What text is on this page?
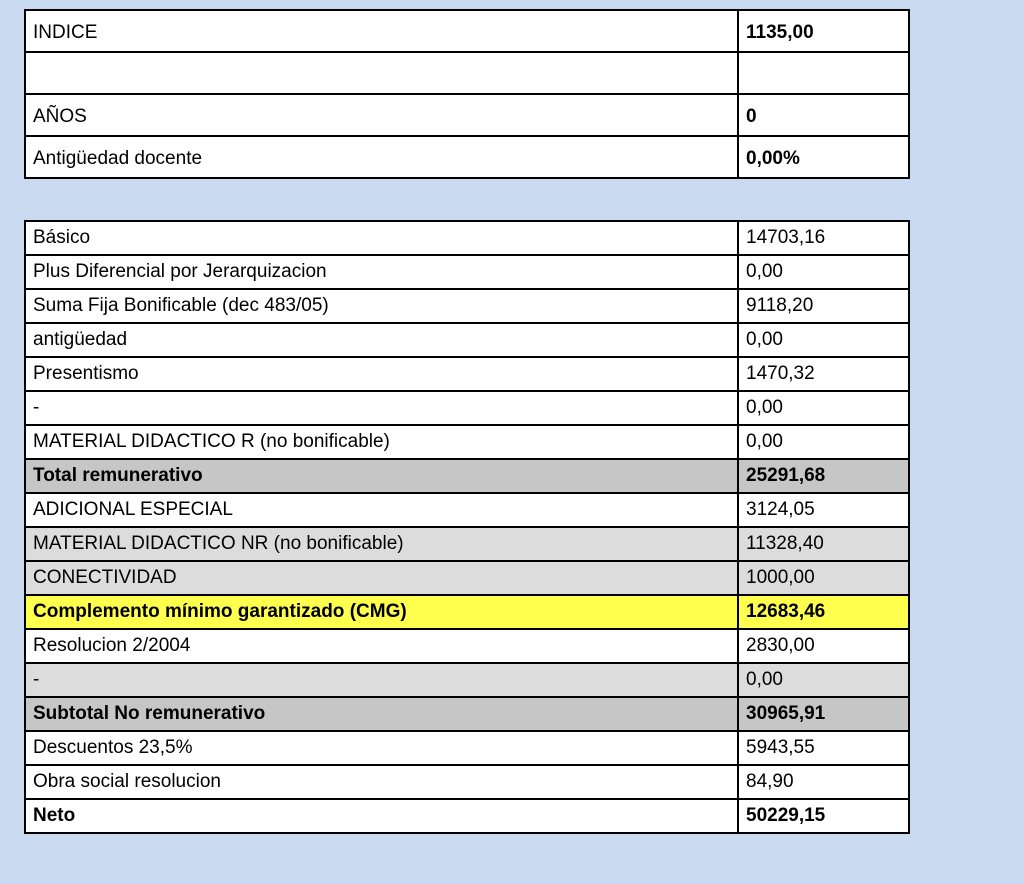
INDICE	1135,00

AÑOS	0
Antigüedad docente	0,00%
Básico	14703,16
Plus Diferencial por Jerarquizacion	0,00
Suma Fija Bonificable (dec 483/05)	9118,20
antigüedad	0,00
Presentismo	1470,32
-	0,00
MATERIAL DIDACTICO R (no bonificable)	0,00
Total remunerativo	25291,68
ADICIONAL ESPECIAL	3124,05
MATERIAL DIDACTICO NR (no bonificable)	11328,40
CONECTIVIDAD	1000,00
Complemento mínimo garantizado (CMG)	12683,46
Resolucion 2/2004	2830,00
-	0,00
Subtotal No remunerativo	30965,91
Descuentos 23,5%	5943,55
Obra social resolucion	84,90
Neto	50229,15
